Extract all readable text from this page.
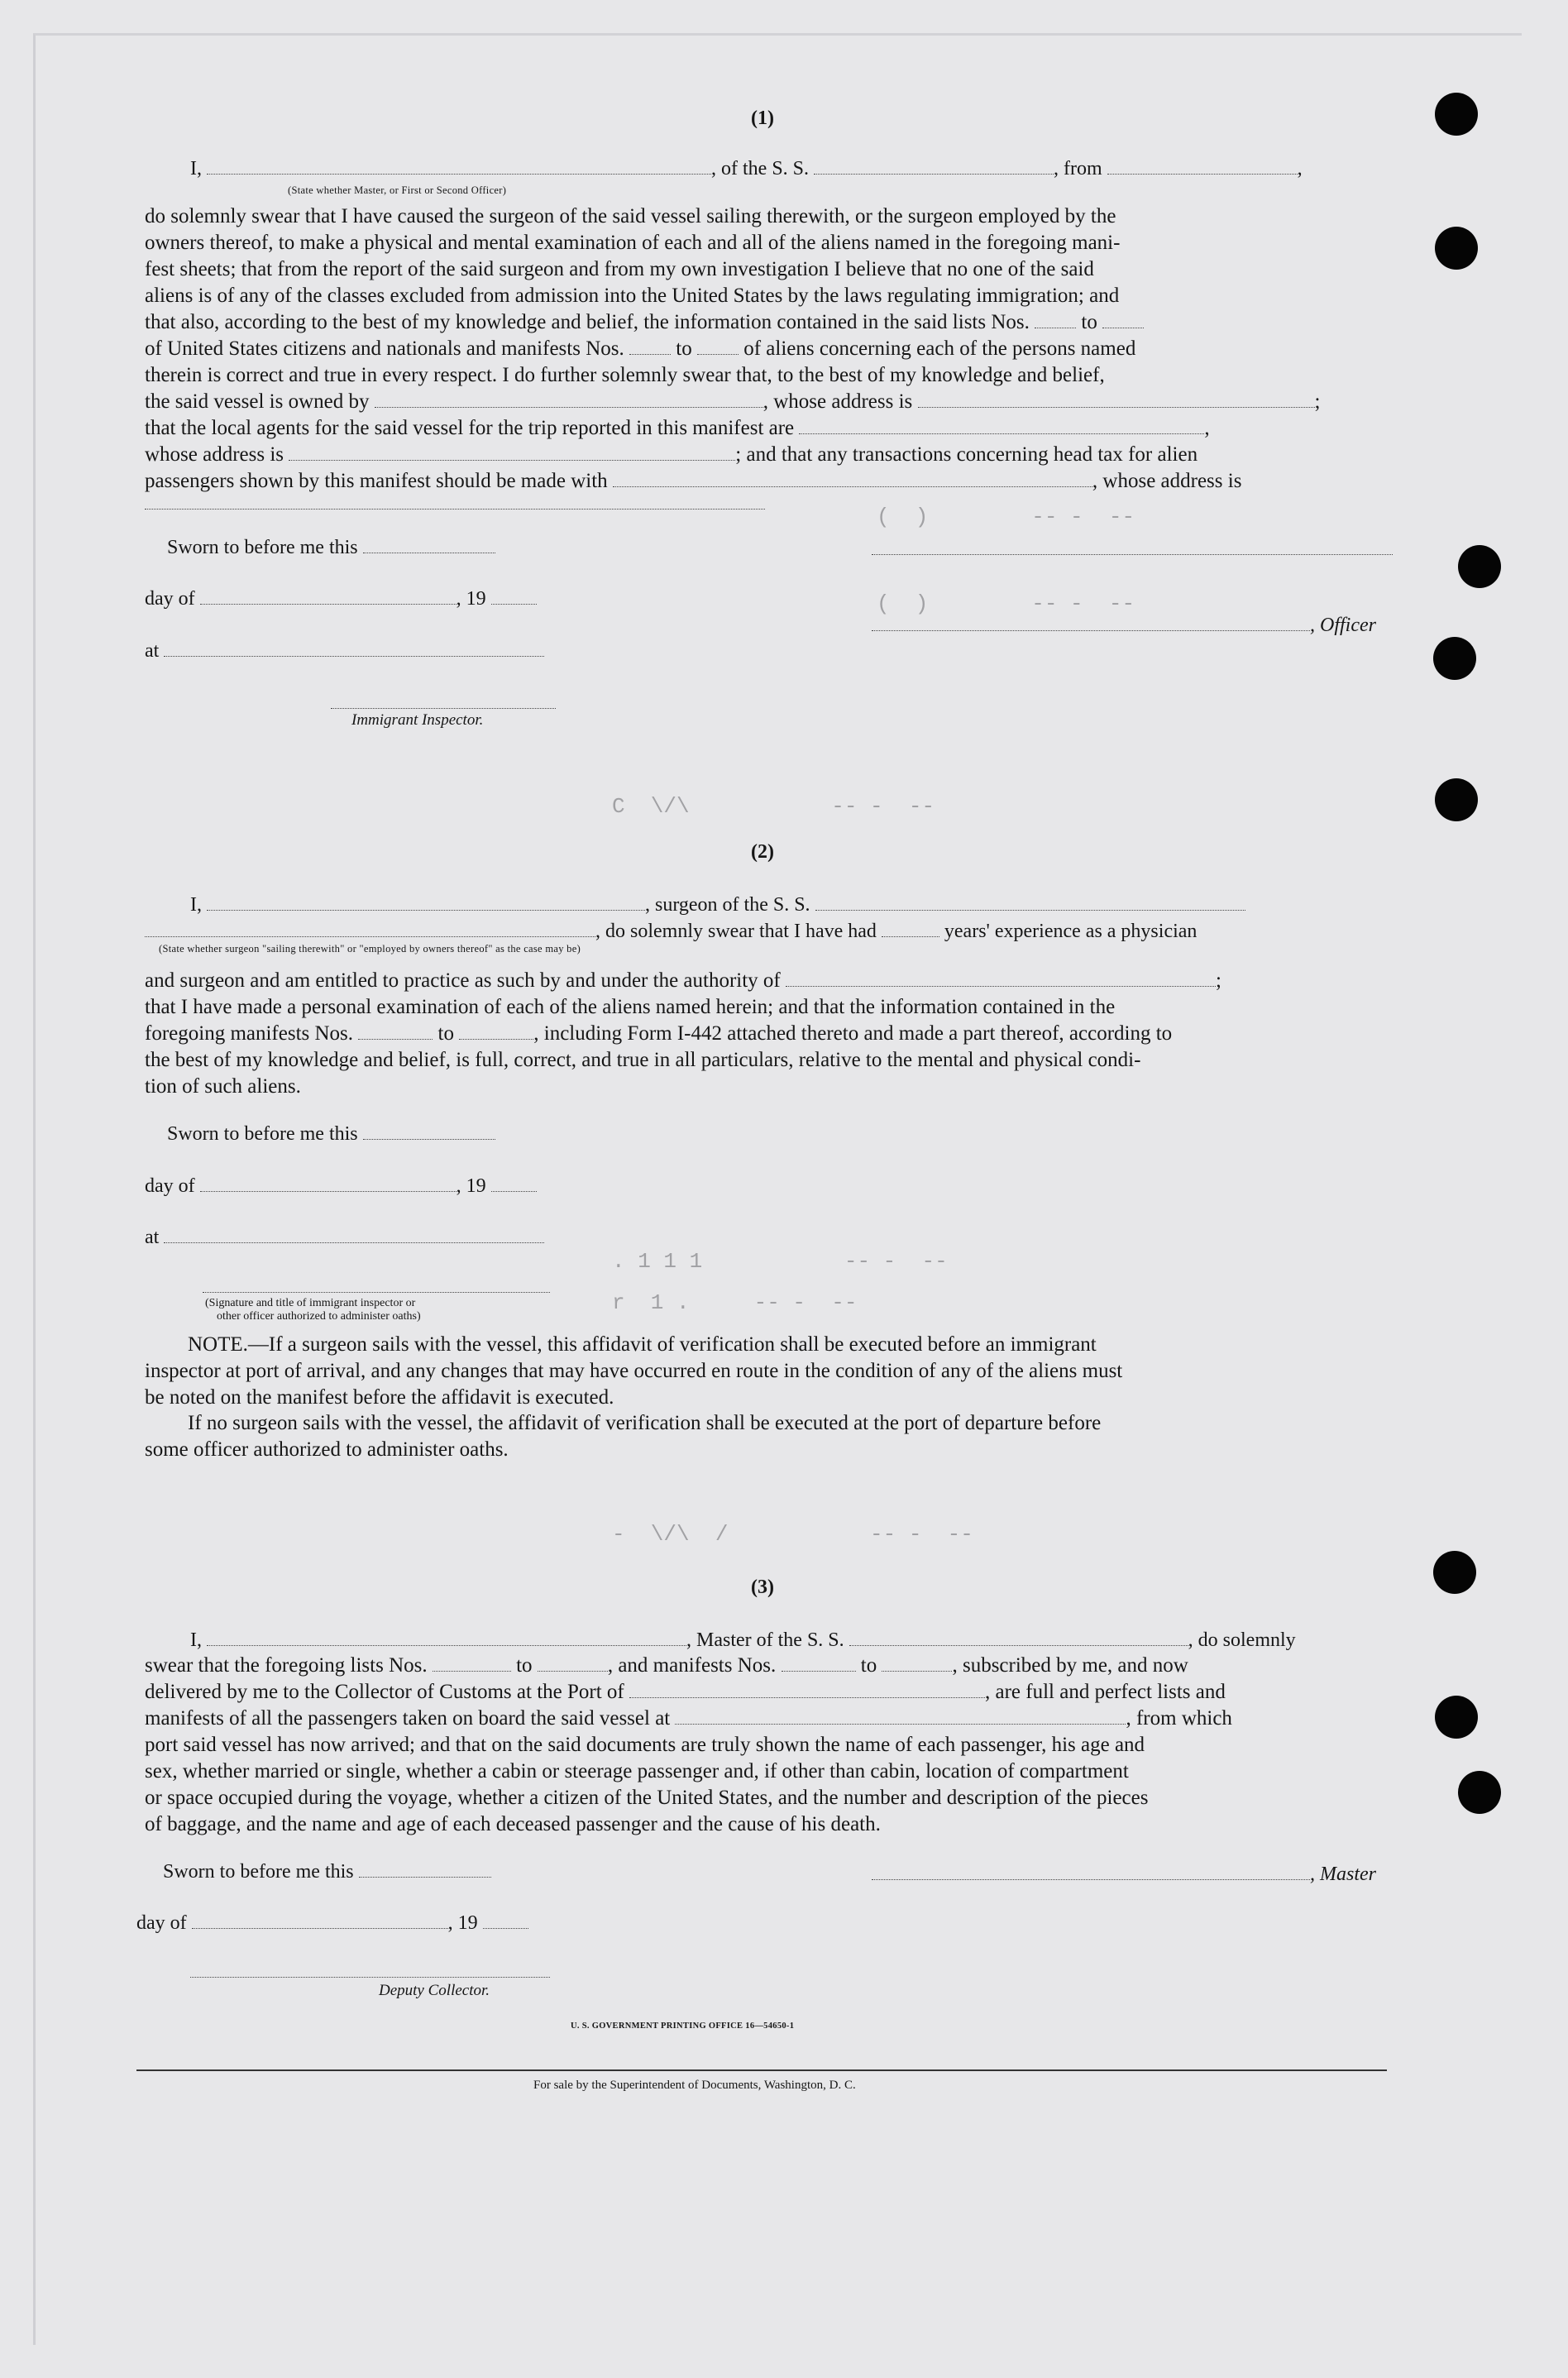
(  )        -- -  --
(  )        -- -  --
C  \/\           -- -  --
. 1 1 1           -- -  --
r  1 .     -- -  --
-  \/\  /           -- -  --
(1)
I,	, of the S. S.	, from	,
(State whether Master, or First or Second Officer)
do solemnly swear that I have caused the surgeon of the said vessel sailing therewith, or the surgeon employed by the
owners thereof, to make a physical and mental examination of each and all of the aliens named in the foregoing mani-
fest sheets; that from the report of the said surgeon and from my own investigation I believe that no one of the said
aliens is of any of the classes excluded from admission into the United States by the laws regulating immigration; and
that also, according to the best of my knowledge and belief, the information contained in the said lists Nos.	to
of United States citizens and nationals and manifests Nos.	to	of aliens concerning each of the persons named
therein is correct and true in every respect. I do further solemnly swear that, to the best of my knowledge and belief,
the said vessel is owned by	, whose address is	;
that the local agents for the said vessel for the trip reported in this manifest are	,
whose address is	; and that any transactions concerning head tax for alien
passengers shown by this manifest should be made with	, whose address is
Sworn to before me this
day of	, 19
at
Immigrant Inspector.
, Officer
(2)
I,	, surgeon of the S. S.
, do solemnly swear that I have had	years' experience as a physician
(State whether surgeon "sailing therewith" or "employed by owners thereof" as the case may be)
and surgeon and am entitled to practice as such by and under the authority of	;
that I have made a personal examination of each of the aliens named herein; and that the information contained in the
foregoing manifests Nos.	to	, including Form I-442 attached thereto and made a part thereof, according to
the best of my knowledge and belief, is full, correct, and true in all particulars, relative to the mental and physical condi-
tion of such aliens.
Sworn to before me this
day of	, 19
at
(Signature and title of immigrant inspector or
other officer authorized to administer oaths)
NOTE.—If a surgeon sails with the vessel, this affidavit of verification shall be executed before an immigrant
inspector at port of arrival, and any changes that may have occurred en route in the condition of any of the aliens must
be noted on the manifest before the affidavit is executed.
If no surgeon sails with the vessel, the affidavit of verification shall be executed at the port of departure before
some officer authorized to administer oaths.
(3)
I,	, Master of the S. S.	, do solemnly
swear that the foregoing lists Nos.	to	, and manifests Nos.	to	, subscribed by me, and now
delivered by me to the Collector of Customs at the Port of	, are full and perfect lists and
manifests of all the passengers taken on board the said vessel at	, from which
port said vessel has now arrived; and that on the said documents are truly shown the name of each passenger, his age and
sex, whether married or single, whether a cabin or steerage passenger and, if other than cabin, location of compartment
or space occupied during the voyage, whether a citizen of the United States, and the number and description of the pieces
of baggage, and the name and age of each deceased passenger and the cause of his death.
Sworn to before me this	, Master
day of	, 19
Deputy Collector.
U. S. GOVERNMENT PRINTING OFFICE 16—54650-1
For sale by the Superintendent of Documents, Washington, D. C.
